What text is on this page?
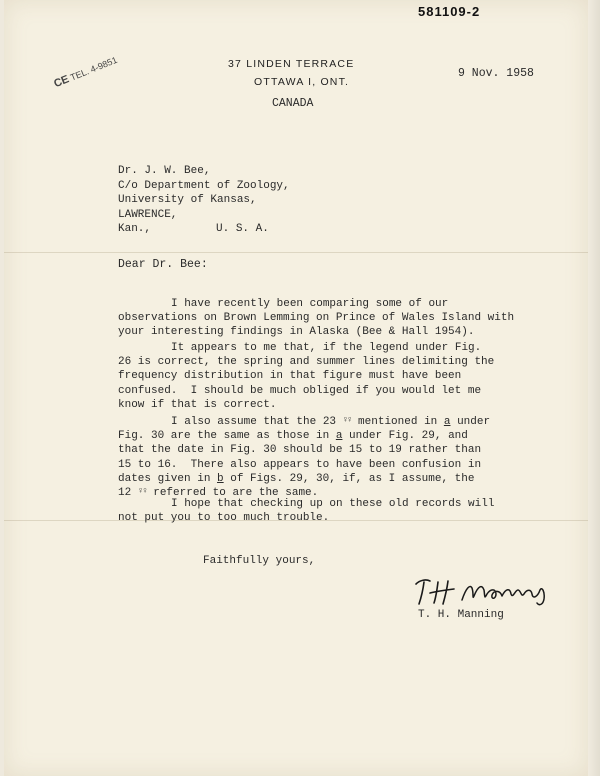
581109-2
CE TEL. 4-9851	37 LINDEN TERRACE
OTTAWA I, ONT.
CANADA
9 Nov. 1958
Dr. J. W. Bee,
C/o Department of Zoology,
University of Kansas,
LAWRENCE,
Kan.,	U. S. A.
Dear Dr. Bee:
I have recently been comparing some of our
observations on Brown Lemming on Prince of Wales Island with
your interesting findings in Alaska (Bee & Hall 1954).
It appears to me that, if the legend under Fig.
26 is correct, the spring and summer lines delimiting the
frequency distribution in that figure must have been
confused.  I should be much obliged if you would let me
know if that is correct.
I also assume that the 23 ♀♀ mentioned in a under
Fig. 30 are the same as those in a under Fig. 29, and
that the date in Fig. 30 should be 15 to 19 rather than
15 to 16.  There also appears to have been confusion in
dates given in b of Figs. 29, 30, if, as I assume, the
12 ♀♀ referred to are the same.
I hope that checking up on these old records will
not put you to too much trouble.
Faithfully yours,
T. H. Manning
